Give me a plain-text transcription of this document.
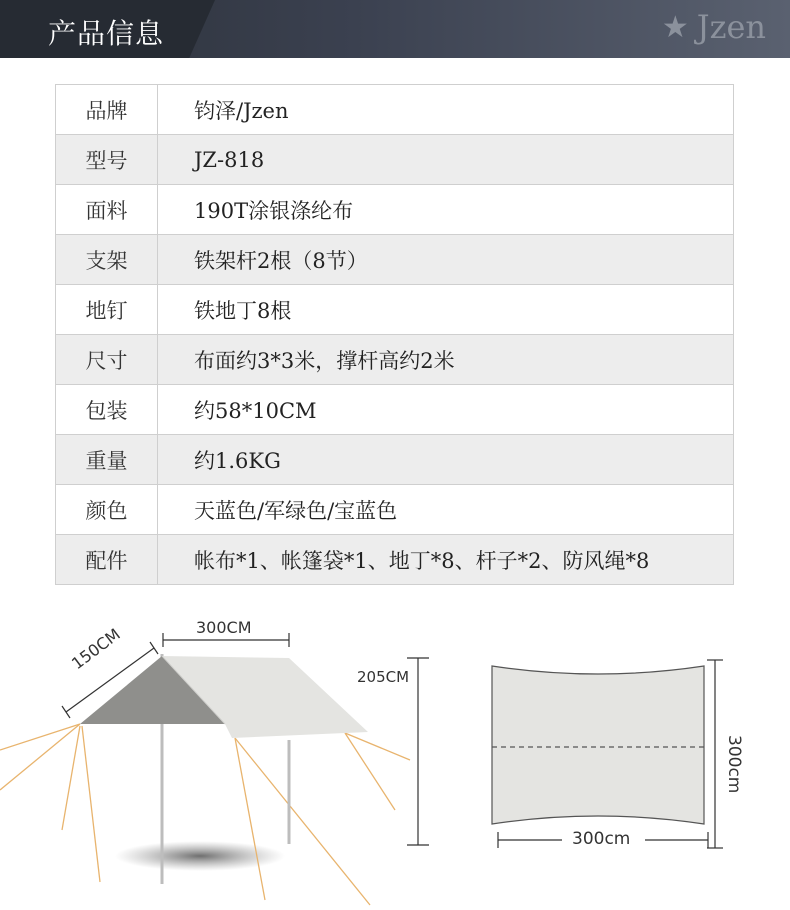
产品信息	★ Jzen
品牌	钧泽/Jzen
型号	JZ-818
面料	190T涂银涤纶布
支架	铁架杆2根（8节）
地钉	铁地丁8根
尺寸	布面约3*3米，撑杆高约2米
包装	约58*10CM
重量	约1.6KG
颜色	天蓝色/军绿色/宝蓝色
配件	帐布*1、帐篷袋*1、地丁*8、杆子*2、防风绳*8
300CM
150CM
205CM
300cm
300cm
